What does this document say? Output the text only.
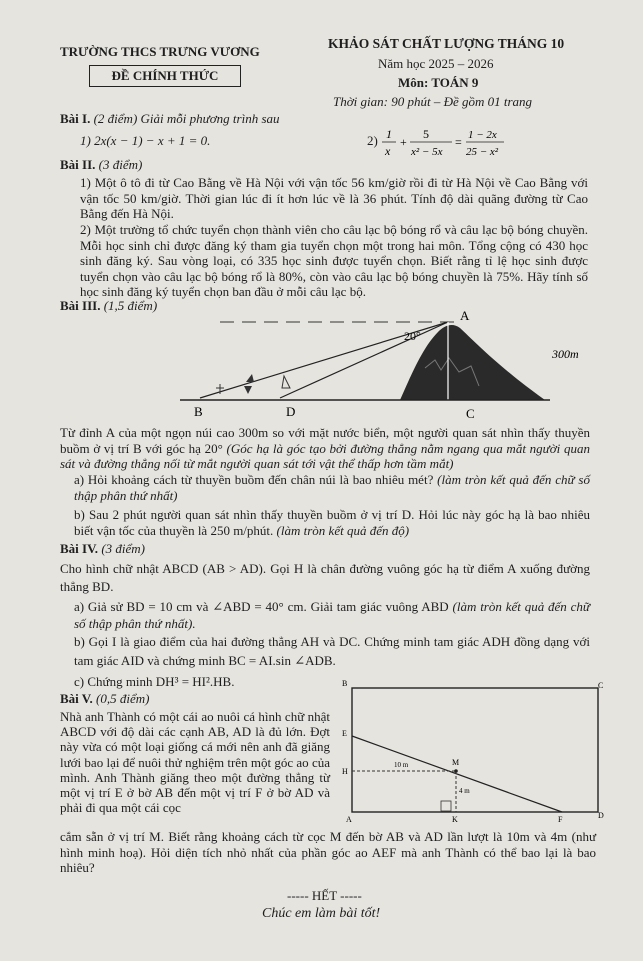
TRƯỜNG THCS TRƯNG VƯƠNG
ĐỀ CHÍNH THỨC
KHẢO SÁT CHẤT LƯỢNG THÁNG 10
Năm học 2025 – 2026
Môn: TOÁN 9
Thời gian: 90 phút – Đề gồm 01 trang
Bài I. (2 điểm) Giải mỗi phương trình sau
1) 2x(x − 1) − x + 1 = 0.	2) 1
x
+
5
x² − 5x
= 1 − 2x
25 − x²
Bài II. (3 điểm)
1) Một ô tô đi từ Cao Bằng về Hà Nội với vận tốc 56 km/giờ rồi đi từ Hà Nội về Cao Bằng với vận tốc 50 km/giờ. Thời gian lúc đi ít hơn lúc về là 36 phút. Tính độ dài quãng đường từ Cao Bằng đến Hà Nội.
2) Một trường tổ chức tuyển chọn thành viên cho câu lạc bộ bóng rổ và câu lạc bộ bóng chuyền. Mỗi học sinh chỉ được đăng ký tham gia tuyển chọn một trong hai môn. Tổng cộng có 430 học sinh đăng ký. Sau vòng loại, có 335 học sinh được tuyển chọn. Biết rằng tỉ lệ học sinh được tuyển chọn vào câu lạc bộ bóng rổ là 80%, còn vào câu lạc bộ bóng chuyền là 75%. Hãy tính số học sinh đăng ký tuyển chọn ban đầu ở mỗi câu lạc bộ.
Bài III. (1,5 điểm)
A
20°
B	D	C
300m
Từ đỉnh A của một ngọn núi cao 300m so với mặt nước biển, một người quan sát nhìn thấy thuyền buồm ở vị trí B với góc hạ 20° (Góc hạ là góc tạo bởi đường thẳng nằm ngang qua mắt người quan sát và đường thẳng nối từ mắt người quan sát tới vật thể thấp hơn tầm mắt)
a) Hỏi khoảng cách từ thuyền buồm đến chân núi là bao nhiêu mét? (làm tròn kết quả đến chữ số thập phân thứ nhất)
b) Sau 2 phút người quan sát nhìn thấy thuyền buồm ở vị trí D. Hỏi lúc này góc hạ là bao nhiêu biết vận tốc của thuyền là 250 m/phút. (làm tròn kết quả đến độ)
Bài IV. (3 điểm)
Cho hình chữ nhật ABCD (AB > AD). Gọi H là chân đường vuông góc hạ từ điểm A xuống đường thẳng BD.
a) Giả sử BD = 10 cm và ∠ABD = 40° cm. Giải tam giác vuông ABD (làm tròn kết quả đến chữ số thập phân thứ nhất).
b) Gọi I là giao điểm của hai đường thẳng AH và DC. Chứng minh tam giác ADH đồng dạng với tam giác AID và chứng minh BC = AI.sin ∠ADB.
c) Chứng minh DH³ = HI².HB.
Bài V. (0,5 điểm)
Nhà anh Thành có một cái ao nuôi cá hình chữ nhật ABCD với độ dài các cạnh AB, AD là đủ lớn. Đợt này vừa có một loại giống cá mới nên anh đã giăng lưới bao lại để nuôi thử nghiệm trên một góc ao của mình. Anh Thành giăng theo một đường thẳng từ một vị trí E ở bờ AB đến một vị trí F ở bờ AD và phải đi qua một cái cọc
cắm sẵn ở vị trí M. Biết rằng khoảng cách từ cọc M đến bờ AB và AD lần lượt là 10m và 4m (như hình minh hoạ). Hỏi diện tích nhỏ nhất của phần góc ao AEF mà anh Thành có thể bao lại là bao nhiêu?
B	C
E
H
M
10 m
4 m
A	K	F	D
----- HẾT -----
Chúc em làm bài tốt!
